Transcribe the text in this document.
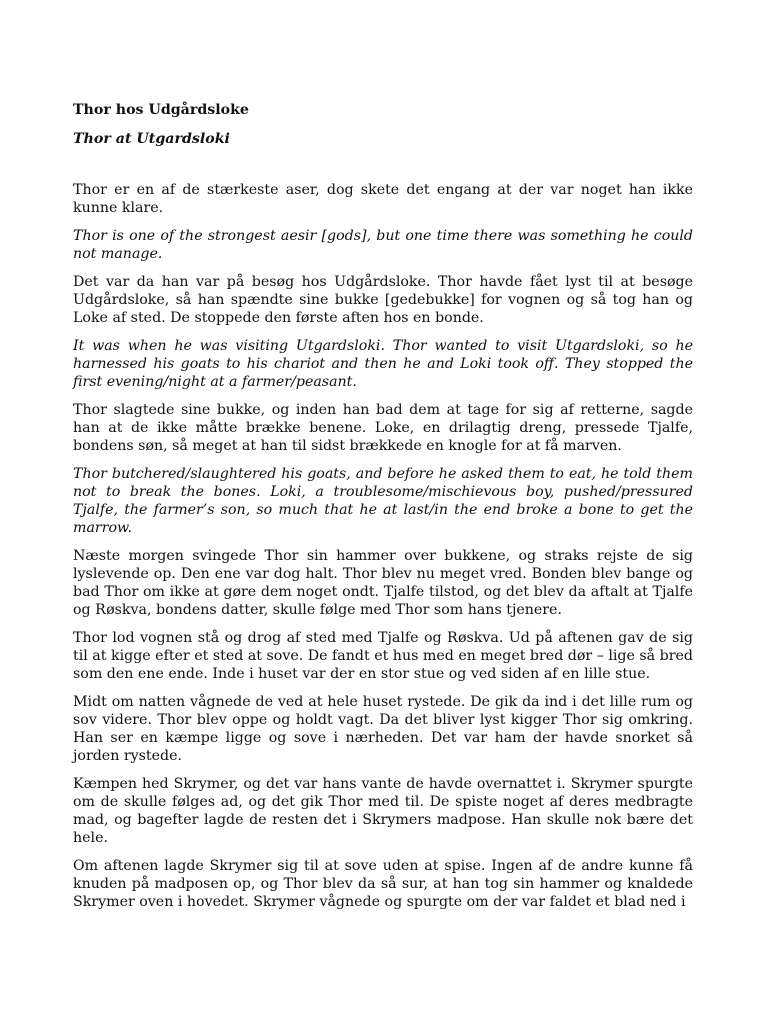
Thor hos Udgårdsloke
Thor at Utgardsloki

Thor er en af de stærkeste aser, dog skete det engang at der var noget han ikke kunne klare.

Thor is one of the strongest aesir [gods], but one time there was something he could not manage.

Det var da han var på besøg hos Udgårdsloke. Thor havde fået lyst til at besøge Udgårdsloke, så han spændte sine bukke [gedebukke] for vognen og så tog han og Loke af sted. De stoppede den første aften hos en bonde.

It was when he was visiting Utgardsloki. Thor wanted to visit Utgardsloki, so he harnessed his goats to his chariot and then he and Loki took off. They stopped the first evening/night at a farmer/peasant.

Thor slagtede sine bukke, og inden han bad dem at tage for sig af retterne, sagde han at de ikke måtte brække benene. Loke, en drilagtig dreng, pressede Tjalfe, bondens søn, så meget at han til sidst brækkede en knogle for at få marven.

Thor butchered/slaughtered his goats, and before he asked them to eat, he told them not to break the bones. Loki, a troublesome/mischievous boy, pushed/pressured Tjalfe, the farmer’s son, so much that he at last/in the end broke a bone to get the marrow.

Næste morgen svingede Thor sin hammer over bukkene, og straks rejste de sig lyslevende op. Den ene var dog halt. Thor blev nu meget vred. Bonden blev bange og bad Thor om ikke at gøre dem noget ondt. Tjalfe tilstod, og det blev da aftalt at Tjalfe og Røskva, bondens datter, skulle følge med Thor som hans tjenere.

Thor lod vognen stå og drog af sted med Tjalfe og Røskva. Ud på aftenen gav de sig til at kigge efter et sted at sove. De fandt et hus med en meget bred dør – lige så bred som den ene ende. Inde i huset var der en stor stue og ved siden af en lille stue.

Midt om natten vågnede de ved at hele huset rystede. De gik da ind i det lille rum og sov videre. Thor blev oppe og holdt vagt. Da det bliver lyst kigger Thor sig omkring. Han ser en kæmpe ligge og sove i nærheden. Det var ham der havde snorket så jorden rystede.

Kæmpen hed Skrymer, og det var hans vante de havde overnattet i. Skrymer spurgte om de skulle følges ad, og det gik Thor med til. De spiste noget af deres medbragte mad, og bagefter lagde de resten det i Skrymers madpose. Han skulle nok bære det hele.

Om aftenen lagde Skrymer sig til at sove uden at spise. Ingen af de andre kunne få knuden på madposen op, og Thor blev da så sur, at han tog sin hammer og knaldede Skrymer oven i hovedet. Skrymer vågnede og spurgte om der var faldet et blad ned i
